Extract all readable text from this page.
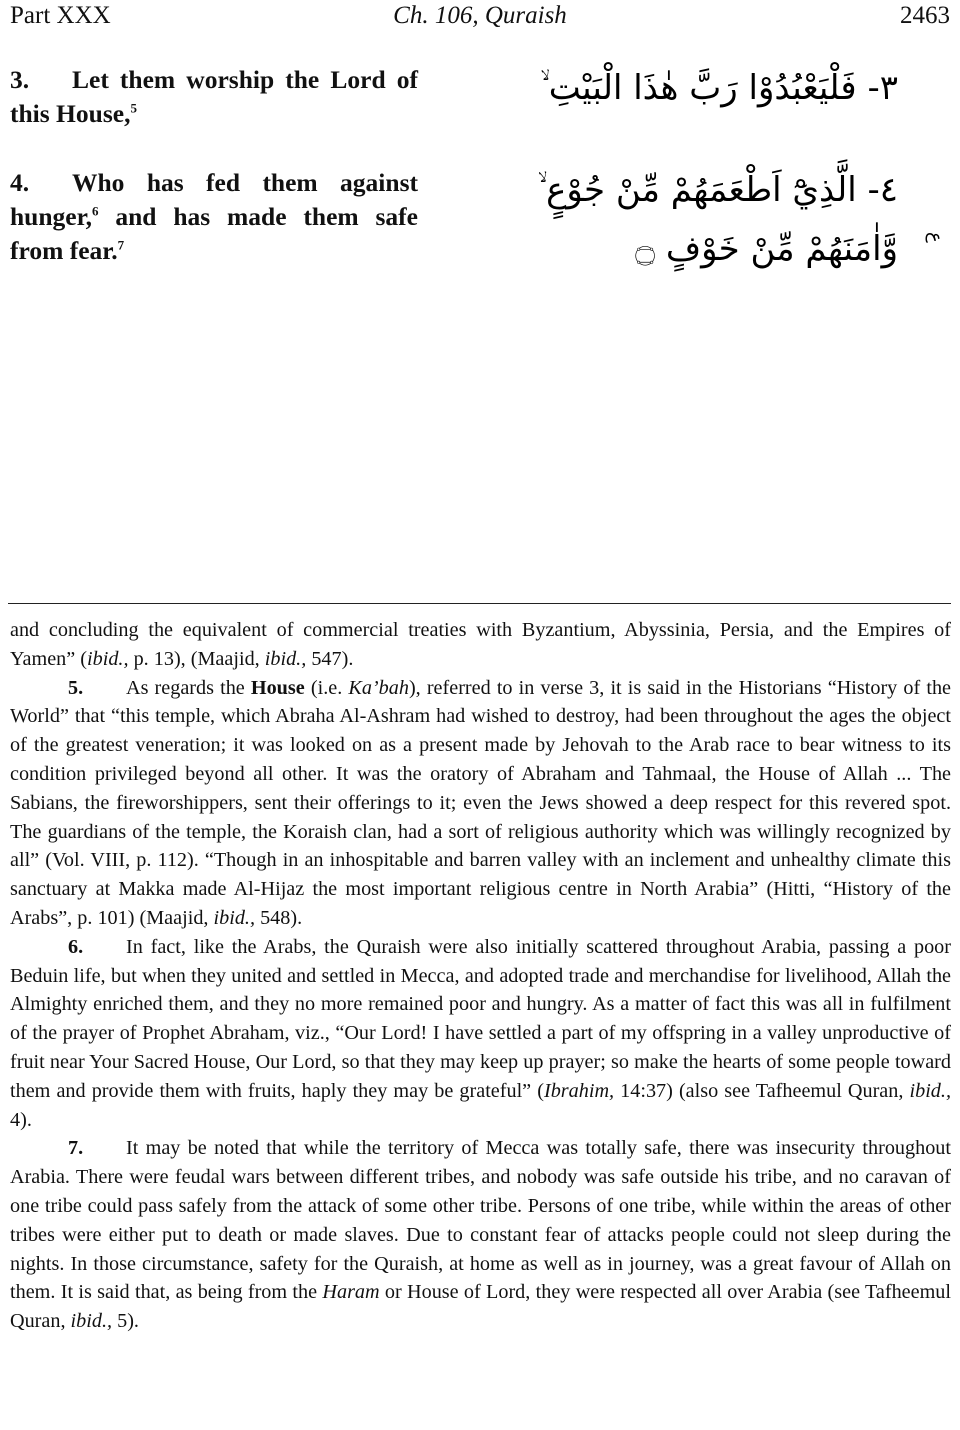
Part XXX	Ch. 106, Quraish	2463
3. Let them worship the Lord of this House,$^5$
4. Who has fed them against hunger,$^6$ and has made them safe from fear.$^7$
٣- فَلْيَعْبُدُوْا رَبَّ هٰذَا الْبَيْتِ ۙ
٤- الَّذِيْٓ اَطْعَمَهُمْ مِّنْ جُوْعٍ ۙ
وَّاٰمَنَهُمْ مِّنْ خَوْفٍ ۝ ع

and concluding the equivalent of commercial treaties with Byzantium, Abyssinia, Persia, and the Empires of Yamen” (ibid., p. 13), (Maajid, ibid., 547).

5. As regards the House (i.e. Ka’bah), referred to in verse 3, it is said in the Historians “History of the World” that “this temple, which Abraha Al-Ashram had wished to destroy, had been throughout the ages the object of the greatest veneration; it was looked on as a present made by Jehovah to the Arab race to bear witness to its condition privileged beyond all other. It was the oratory of Abraham and Tahmaal, the House of Allah ... The Sabians, the fireworshippers, sent their offerings to it; even the Jews showed a deep respect for this revered spot. The guardians of the temple, the Koraish clan, had a sort of religious authority which was willingly recognized by all” (Vol. VIII, p. 112). “Though in an inhospitable and barren valley with an inclement and unhealthy climate this sanctuary at Makka made Al-Hijaz the most important religious centre in North Arabia” (Hitti, “History of the Arabs”, p. 101) (Maajid, ibid., 548).

6. In fact, like the Arabs, the Quraish were also initially scattered throughout Arabia, passing a poor Beduin life, but when they united and settled in Mecca, and adopted trade and merchandise for livelihood, Allah the Almighty enriched them, and they no more remained poor and hungry. As a matter of fact this was all in fulfilment of the prayer of Prophet Abraham, viz., “Our Lord! I have settled a part of my offspring in a valley unproductive of fruit near Your Sacred House, Our Lord, so that they may keep up prayer; so make the hearts of some people toward them and provide them with fruits, haply they may be grateful” (Ibrahim, 14:37) (also see Tafheemul Quran, ibid., 4).

7. It may be noted that while the territory of Mecca was totally safe, there was insecurity throughout Arabia. There were feudal wars between different tribes, and nobody was safe outside his tribe, and no caravan of one tribe could pass safely from the attack of some other tribe. Persons of one tribe, while within the areas of other tribes were either put to death or made slaves. Due to constant fear of attacks people could not sleep during the nights. In those circumstance, safety for the Quraish, at home as well as in journey, was a great favour of Allah on them. It is said that, as being from the Haram or House of Lord, they were respected all over Arabia (see Tafheemul Quran, ibid., 5).
